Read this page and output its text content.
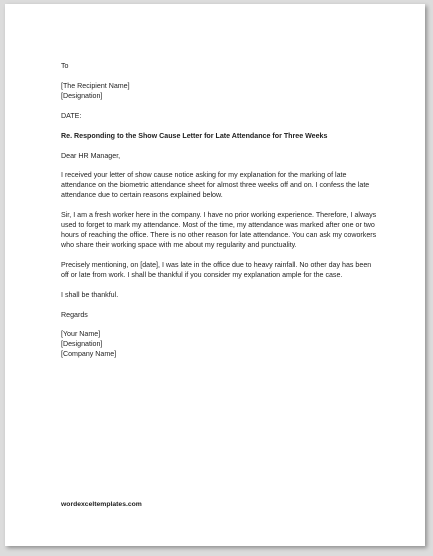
To

[The Recipient Name]

[Designation]

DATE:

Re. Responding to the Show Cause Letter for Late Attendance for Three Weeks

Dear HR Manager,

I received your letter of show cause notice asking for my explanation for the marking of late attendance on the biometric attendance sheet for almost three weeks off and on. I confess the late attendance due to certain reasons explained below.

Sir, I am a fresh worker here in the company. I have no prior working experience. Therefore, I always used to forget to mark my attendance. Most of the time, my attendance was marked after one or two hours of reaching the office. There is no other reason for late attendance. You can ask my coworkers who share their working space with me about my regularity and punctuality.

Precisely mentioning, on [date], I was late in the office due to heavy rainfall. No other day has been off or late from work. I shall be thankful if you consider my explanation ample for the case.

I shall be thankful.

Regards

[Your Name]

[Designation]

[Company Name]

wordexceltemplates.com
